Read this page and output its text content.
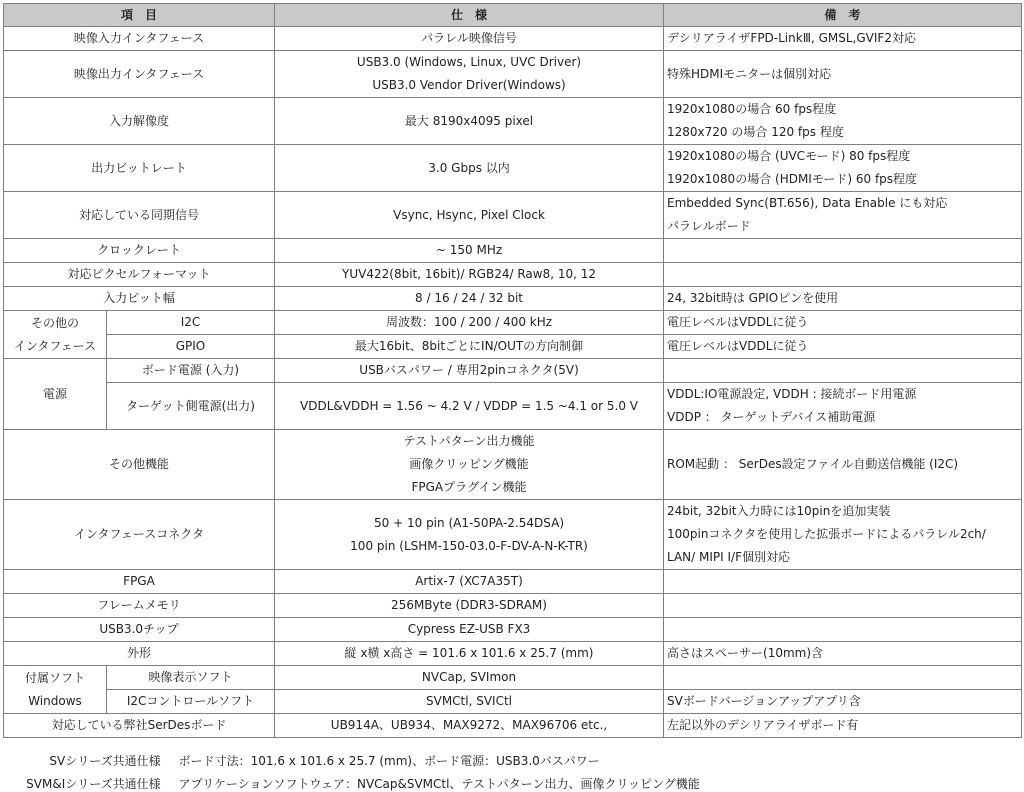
項　目		仕　様	備　考
映像入力インタフェース		パラレル映像信号	デシリアライザFPD-LinkⅢ, GMSL,GVIF2対応

映像出力インタフェース		USB3.0 (Windows, Linux, UVC Driver)
USB3.0 Vendor Driver(Windows)	特殊HDMIモニターは個別対応

入力解像度		最大 8190x4095 pixel	1920x1080の場合 60 fps程度
1280x720 の場合 120 fps 程度

出力ビットレート		3.0 Gbps 以内	1920x1080の場合 (UVCモード) 80 fps程度
1920x1080の場合 (HDMIモード) 60 fps程度

対応している同期信号		Vsync, Hsync, Pixel Clock	Embedded Sync(BT.656), Data Enable にも対応
パラレルボード

クロックレート		~ 150 MHz	

対応ピクセルフォーマット		YUV422(8bit, 16bit)/ RGB24/ Raw8, 10, 12	

入力ビット幅		8 / 16 / 24 / 32 bit	24, 32bit時は GPIOピンを使用

その他の
インタフェース	I2C	周波数：100 / 200 / 400 kHz	電圧レベルはVDDLに従う

	GPIO	最大16bit、8bitごとにIN/OUTの方向制御	電圧レベルはVDDLに従う

電源	ボード電源 (入力)	USBバスパワー / 専用2pinコネクタ(5V)	

	ターゲット側電源(出力)	VDDL&VDDH = 1.56 ~ 4.2 V / VDDP = 1.5 ~4.1 or 5.0 V	VDDL:IO電源設定, VDDH : 接続ボード用電源
VDDP ： ターゲットデバイス補助電源

その他機能		テストパターン出力機能
画像クリッピング機能
FPGAプラグイン機能	ROM起動 ： SerDes設定ファイル自動送信機能 (I2C)

インタフェースコネクタ		50 + 10 pin (A1-50PA-2.54DSA)
100 pin (LSHM-150-03.0-F-DV-A-N-K-TR)	24bit, 32bit入力時には10pinを追加実装
100pinコネクタを使用した拡張ボードによるパラレル2ch/
LAN/ MIPI I/F個別対応

FPGA		Artix-7 (XC7A35T)	

フレームメモリ		256MByte (DDR3-SDRAM)	

USB3.0チップ		Cypress EZ-USB FX3	

外形		縦 x横 x高さ = 101.6 x 101.6 x 25.7 (mm)	高さはスペーサー(10mm)含

付属ソフト
Windows	映像表示ソフト	NVCap, SVImon	

	I2Cコントロールソフト	SVMCtl, SVICtl	SVボードバージョンアップアプリ含

対応している弊社SerDesボード		UB914A、UB934、MAX9272、MAX96706 etc.,	左記以外のデシリアライザボード有

SVシリーズ共通仕様 ボード寸法：101.6 x 101.6 x 25.7 (mm)、ボード電源：USB3.0バスパワー

SVM&Iシリーズ共通仕様 アプリケーションソフトウェア：NVCap&SVMCtl、テストパターン出力、画像クリッピング機能
